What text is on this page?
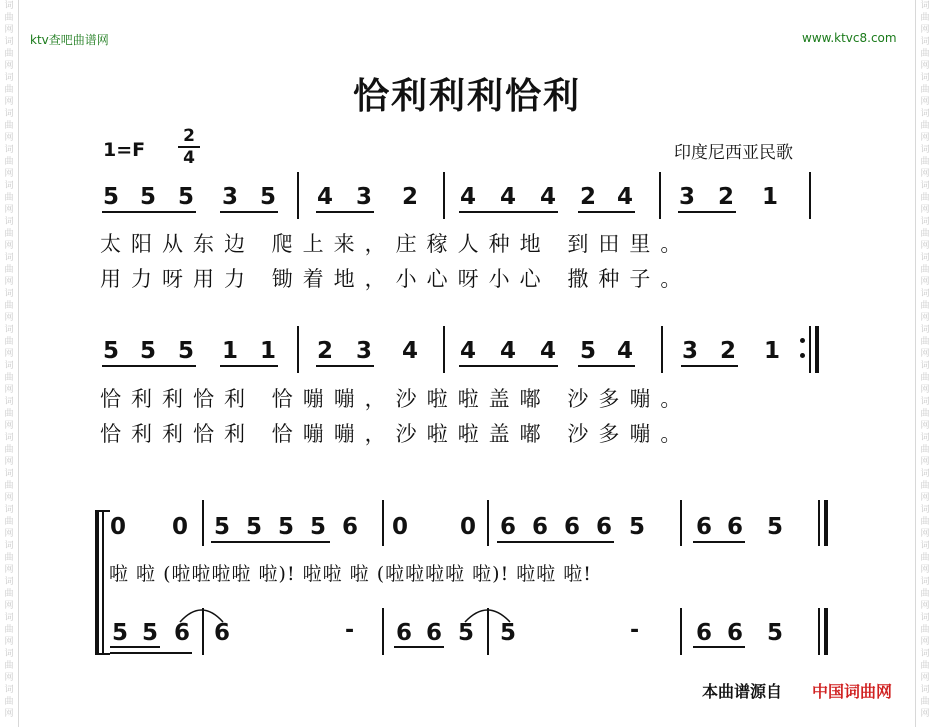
词
曲
网
词
曲
网
词
曲
网
词
曲
网
词
曲
网
词
曲
网
词
曲
网
词
曲
网
词
曲
网
词
曲
网
词
曲
网
词
曲
网
词
曲
网
词
曲
网
词
曲
网
词
曲
网
词
曲
网
词
曲
网
词
曲
网
词
曲
网
词
曲
网
词
曲
网
词
曲
网
词
曲
网
词
曲
网
词
曲
网
词
曲
网
词
曲
网
词
曲
网
词
曲
网
词
曲
网
词
曲
网
词
曲
网
词
曲
网
词
曲
网
词
曲
网
词
曲
网
词
曲
网
词
曲
网
词
曲
网
ktv查吧曲谱网	www.ktvc8.com
恰利利利恰利
1=F
2
4	印度尼西亚民歌
5 5 5 3 5 4 3 2 4 4 4 2 4 3 2 1
5 5 5 1 1 2 3 4 4 4 4 5 4 3 2 1
0 0 5 5 5 5 6 0 0 6 6 6 6 5 6 6 5
5 5 6 6	6 6 5 5	6 6 5
-	-
太阳从东边 爬上来，庄稼人种地 到田里。
用力呀用力 锄着地，小心呀小心 撒种子。
恰利利恰利 恰嘣嘣，沙啦啦盖嘟 沙多嘣。
恰利利恰利 恰嘣嘣，沙啦啦盖嘟 沙多嘣。
啦 啦 (啦啦啦啦 啦)! 啦啦 啦 (啦啦啦啦 啦)! 啦啦 啦!
本曲谱源自 中国词曲网
